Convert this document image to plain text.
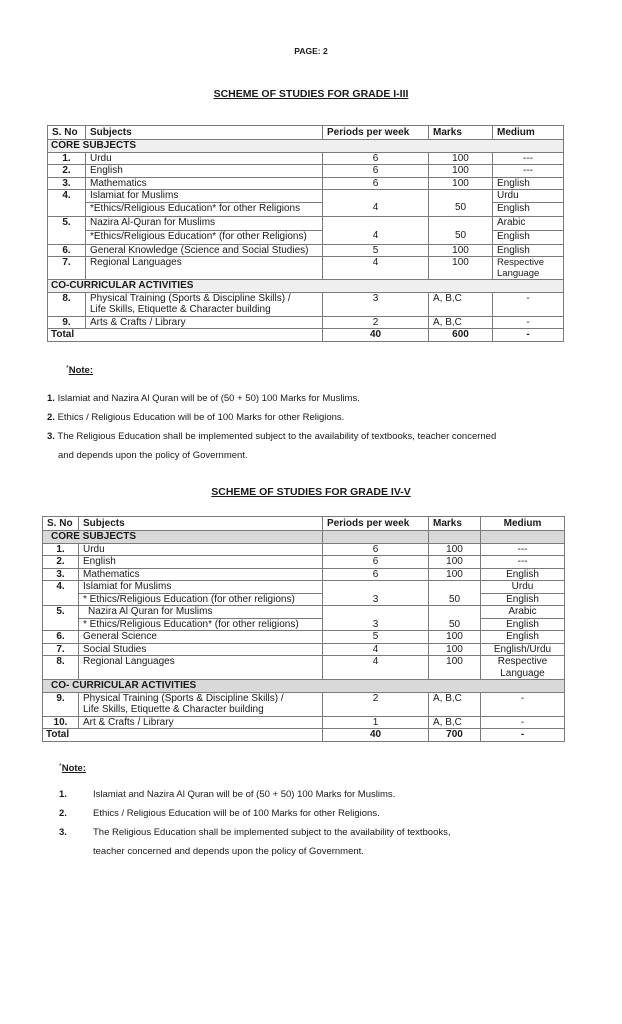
PAGE: 2
SCHEME OF STUDIES FOR GRADE I-III
S. No	Subjects	Periods per week	Marks	Medium
CORE SUBJECTS				
1.	Urdu	6	100	---
2.	English	6	100	---
3.	Mathematics	6	100	English
4.	Islamiat for Muslims	4	50	Urdu
	*Ethics/Religious Education* for other Religions			English
5.	Nazira Al-Quran for Muslims	4	50	Arabic
	*Ethics/Religious Education* (for other Religions)			English
6.	General Knowledge (Science and Social Studies)	5	100	English
7.	Regional Languages	4	100	Respective Language
CO-CURRICULAR ACTIVITIES				
8.	Physical Training (Sports & Discipline Skills) /
Life Skills, Etiquette & Character building	3	A, B,C	-
9.	Arts & Crafts / Library	2	A, B,C	-
Total		40	600	-
*Note:
1. Islamiat and Nazira Al Quran will be of (50 + 50) 100 Marks for Muslims.
2. Ethics / Religious Education will be of 100 Marks for other Religions.
3. The Religious Education shall be implemented subject to the availability of textbooks, teacher concerned
and depends upon the policy of Government.
SCHEME OF STUDIES FOR GRADE IV-V
S. No	Subjects	Periods per week	Marks	Medium
CORE SUBJECTS				
1.	Urdu	6	100	---
2.	English	6	100	---
3.	Mathematics	6	100	English
4.	Islamiat for Muslims	3	50	Urdu
	* Ethics/Religious Education (for other religions)			English
5.	Nazira Al Quran for Muslims	3	50	Arabic
	* Ethics/Religious Education* (for other religions)			English
6.	General Science	5	100	English
7.	Social Studies	4	100	English/Urdu
8.	Regional Languages	4	100	Respective Language
CO- CURRICULAR ACTIVITIES				
9.	Physical Training (Sports & Discipline Skills) /
Life Skills, Etiquette & Character building	2	A, B,C	-
10.	Art & Crafts / Library	1	A, B,C	-
Total		40	700	-
*Note:
1.	Islamiat and Nazira Al Quran will be of (50 + 50) 100 Marks for Muslims.
2.	Ethics / Religious Education will be of 100 Marks for other Religions.
3.	The Religious Education shall be implemented subject to the availability of textbooks,
teacher concerned and depends upon the policy of Government.
